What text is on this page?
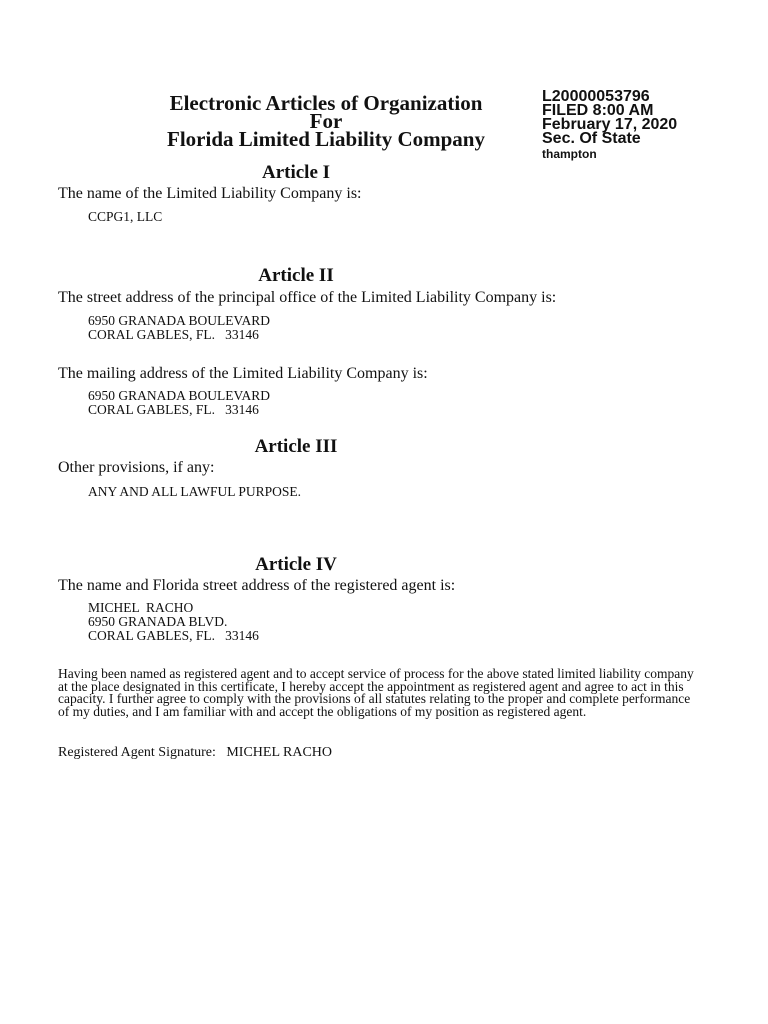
Electronic Articles of Organization
For
Florida Limited Liability Company
L20000053796
FILED 8:00 AM
February 17, 2020
Sec. Of State
thampton
Article I
The name of the Limited Liability Company is:
CCPG1, LLC
Article II
The street address of the principal office of the Limited Liability Company is:
6950 GRANADA BOULEVARD
CORAL GABLES, FL.   33146
The mailing address of the Limited Liability Company is:
6950 GRANADA BOULEVARD
CORAL GABLES, FL.   33146
Article III
Other provisions, if any:
ANY AND ALL LAWFUL PURPOSE.
Article IV
The name and Florida street address of the registered agent is:
MICHEL  RACHO
6950 GRANADA BLVD.
CORAL GABLES, FL.   33146
Having been named as registered agent and to accept service of process for the above stated limited liability company at the place designated in this certificate, I hereby accept the appointment as registered agent and agree to act in this capacity. I further agree to comply with the provisions of all statutes relating to the proper and complete performance of my duties, and I am familiar with and accept the obligations of my position as registered agent.
Registered Agent Signature:   MICHEL RACHO
